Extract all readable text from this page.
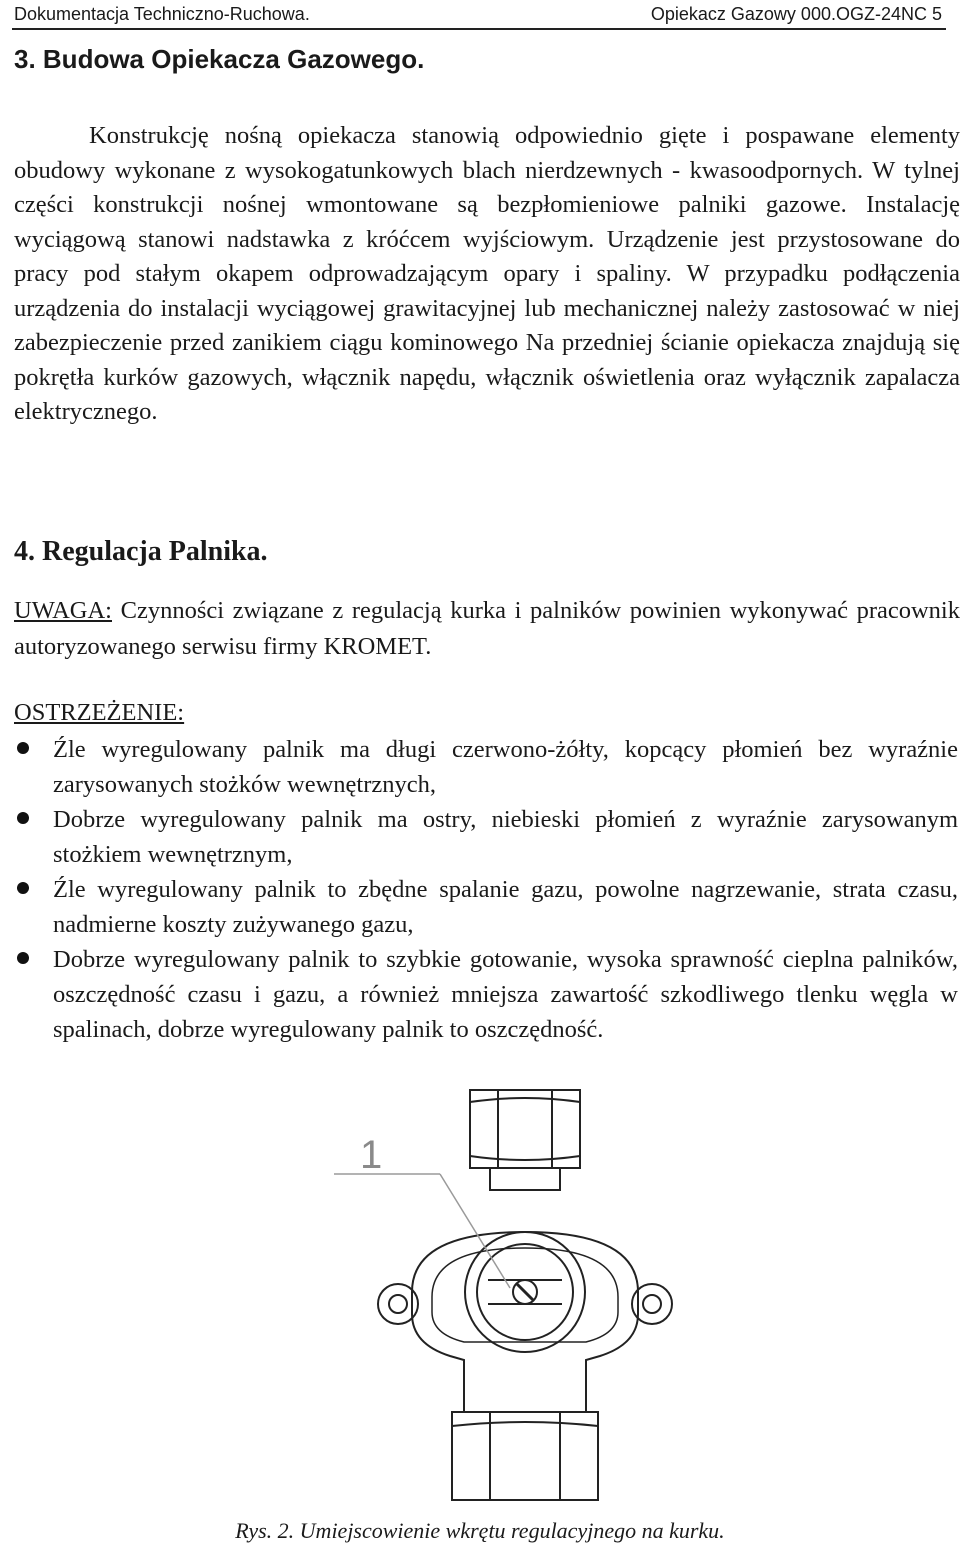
Dokumentacja Techniczno-Ruchowa.	Opiekacz Gazowy 000.OGZ-24NC 5
3. Budowa Opiekacza Gazowego.
Konstrukcję nośną opiekacza stanowią odpowiednio gięte i pospawane elementy obudowy wykonane z wysokogatunkowych blach nierdzewnych - kwasoodpornych. W tylnej części konstrukcji nośnej wmontowane są bezpłomieniowe palniki gazowe. Instalację wyciągową stanowi nadstawka z króćcem wyjściowym. Urządzenie jest przystosowane do pracy pod stałym okapem odprowadzającym opary i spaliny. W przypadku podłączenia urządzenia do instalacji wyciągowej grawitacyjnej lub mechanicznej należy zastosować w niej zabezpieczenie przed zanikiem ciągu kominowego Na przedniej ścianie opiekacza znajdują się pokrętła kurków gazowych, włącznik napędu, włącznik oświetlenia oraz wyłącznik zapalacza elektrycznego.
4. Regulacja Palnika.
UWAGA: Czynności związane z regulacją kurka i palników powinien wykonywać pracownik autoryzowanego serwisu firmy KROMET.
OSTRZEŻENIE:
Źle wyregulowany palnik ma długi czerwono-żółty, kopcący płomień bez wyraźnie zarysowanych stożków wewnętrznych,
Dobrze wyregulowany palnik ma ostry, niebieski płomień z wyraźnie zarysowanym stożkiem wewnętrznym,
Źle wyregulowany palnik to zbędne spalanie gazu, powolne nagrzewanie, strata czasu, nadmierne koszty zużywanego gazu,
Dobrze wyregulowany palnik to szybkie gotowanie, wysoka sprawność cieplna palników, oszczędność czasu i gazu, a również mniejsza zawartość szkodliwego tlenku węgla w spalinach, dobrze wyregulowany palnik to oszczędność.
1
Rys. 2. Umiejscowienie wkrętu regulacyjnego na kurku.
